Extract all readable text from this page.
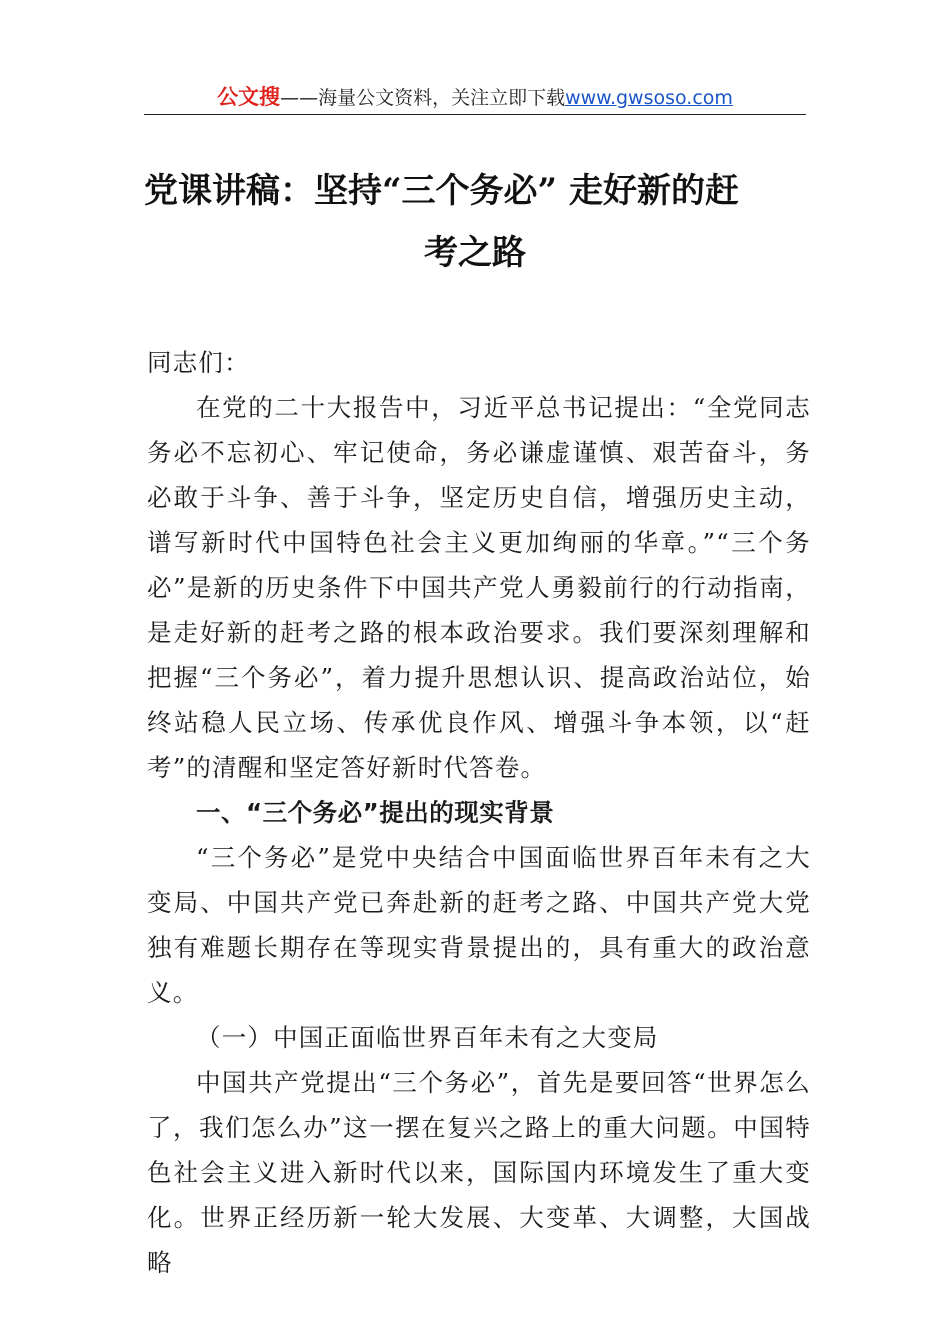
公文搜——海量公文资料，关注立即下载www.gwsoso.com
党课讲稿：坚持“三个务必” 走好新的赶
考之路

同志们：

在党的二十大报告中，习近平总书记提出：“全党同志务必不忘初心、牢记使命，务必谦虚谨慎、艰苦奋斗，务必敢于斗争、善于斗争，坚定历史自信，增强历史主动，谱写新时代中国特色社会主义更加绚丽的华章。”“三个务必”是新的历史条件下中国共产党人勇毅前行的行动指南，是走好新的赶考之路的根本政治要求。我们要深刻理解和把握“三个务必”，着力提升思想认识、提高政治站位，始终站稳人民立场、传承优良作风、增强斗争本领，以“赶考”的清醒和坚定答好新时代答卷。

一、“三个务必”提出的现实背景

“三个务必”是党中央结合中国面临世界百年未有之大变局、中国共产党已奔赴新的赶考之路、中国共产党大党独有难题长期存在等现实背景提出的，具有重大的政治意义。

（一）中国正面临世界百年未有之大变局

中国共产党提出“三个务必”，首先是要回答“世界怎么了，我们怎么办”这一摆在复兴之路上的重大问题。中国特色社会主义进入新时代以来，国际国内环境发生了重大变化。世界正经历新一轮大发展、大变革、大调整，大国战略
